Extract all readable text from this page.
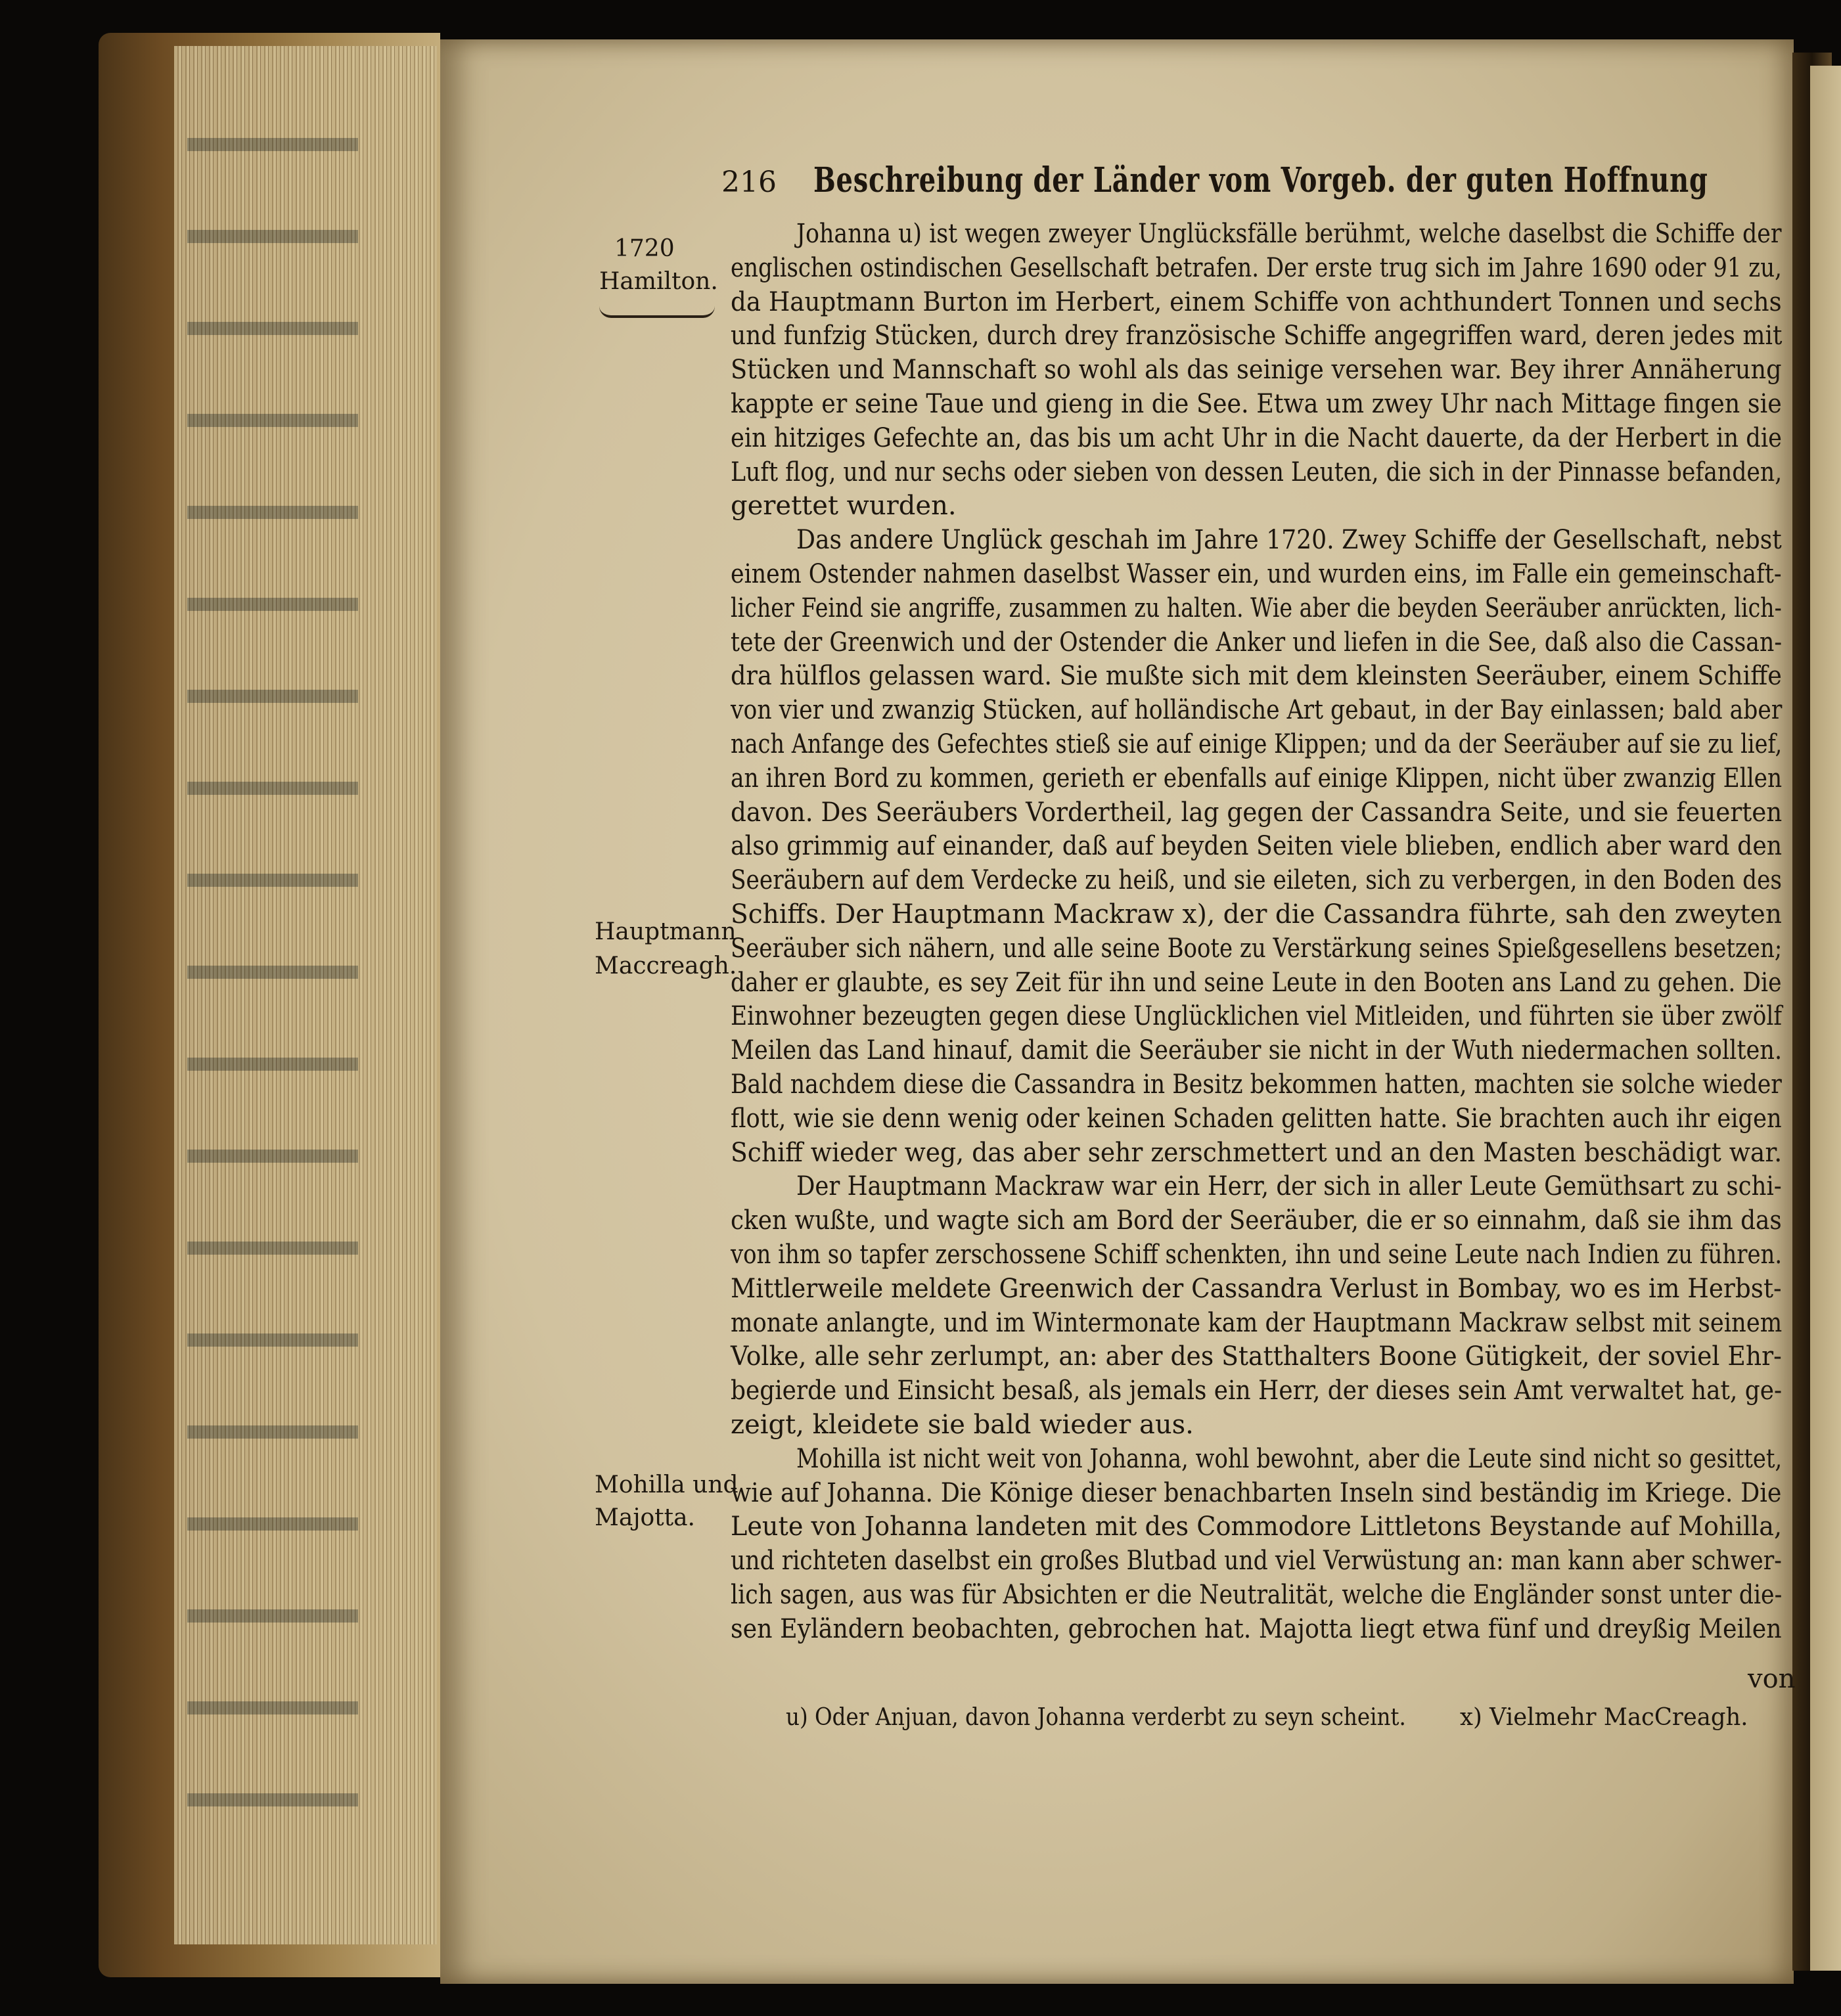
216 Beschreibung der Länder vom Vorgeb. der guten Hoffnung
1720
Hamilton.
Hauptmann
Maccreagh.
Mohilla und
Majotta.
Johanna u) ist wegen zweyer Unglücksfälle berühmt, welche daselbst die Schiffe der
englischen ostindischen Gesellschaft betrafen. Der erste trug sich im Jahre 1690 oder 91 zu,
da Hauptmann Burton im Herbert, einem Schiffe von achthundert Tonnen und sechs
und funfzig Stücken, durch drey französische Schiffe angegriffen ward, deren jedes mit
Stücken und Mannschaft so wohl als das seinige versehen war. Bey ihrer Annäherung
kappte er seine Taue und gieng in die See. Etwa um zwey Uhr nach Mittage fingen sie
ein hitziges Gefechte an, das bis um acht Uhr in die Nacht dauerte, da der Herbert in die
Luft flog, und nur sechs oder sieben von dessen Leuten, die sich in der Pinnasse befanden,
gerettet wurden.
Das andere Unglück geschah im Jahre 1720. Zwey Schiffe der Gesellschaft, nebst
einem Ostender nahmen daselbst Wasser ein, und wurden eins, im Falle ein gemeinschaft-
licher Feind sie angriffe, zusammen zu halten. Wie aber die beyden Seeräuber anrückten, lich-
tete der Greenwich und der Ostender die Anker und liefen in die See, daß also die Cassan-
dra hülflos gelassen ward. Sie mußte sich mit dem kleinsten Seeräuber, einem Schiffe
von vier und zwanzig Stücken, auf holländische Art gebaut, in der Bay einlassen; bald aber
nach Anfange des Gefechtes stieß sie auf einige Klippen; und da der Seeräuber auf sie zu lief,
an ihren Bord zu kommen, gerieth er ebenfalls auf einige Klippen, nicht über zwanzig Ellen
davon. Des Seeräubers Vordertheil, lag gegen der Cassandra Seite, und sie feuerten
also grimmig auf einander, daß auf beyden Seiten viele blieben, endlich aber ward den
Seeräubern auf dem Verdecke zu heiß, und sie eileten, sich zu verbergen, in den Boden des
Schiffs. Der Hauptmann Mackraw x), der die Cassandra führte, sah den zweyten
Seeräuber sich nähern, und alle seine Boote zu Verstärkung seines Spießgesellens besetzen;
daher er glaubte, es sey Zeit für ihn und seine Leute in den Booten ans Land zu gehen. Die
Einwohner bezeugten gegen diese Unglücklichen viel Mitleiden, und führten sie über zwölf
Meilen das Land hinauf, damit die Seeräuber sie nicht in der Wuth niedermachen sollten.
Bald nachdem diese die Cassandra in Besitz bekommen hatten, machten sie solche wieder
flott, wie sie denn wenig oder keinen Schaden gelitten hatte. Sie brachten auch ihr eigen
Schiff wieder weg, das aber sehr zerschmettert und an den Masten beschädigt war.
Der Hauptmann Mackraw war ein Herr, der sich in aller Leute Gemüthsart zu schi-
cken wußte, und wagte sich am Bord der Seeräuber, die er so einnahm, daß sie ihm das
von ihm so tapfer zerschossene Schiff schenkten, ihn und seine Leute nach Indien zu führen.
Mittlerweile meldete Greenwich der Cassandra Verlust in Bombay, wo es im Herbst-
monate anlangte, und im Wintermonate kam der Hauptmann Mackraw selbst mit seinem
Volke, alle sehr zerlumpt, an: aber des Statthalters Boone Gütigkeit, der soviel Ehr-
begierde und Einsicht besaß, als jemals ein Herr, der dieses sein Amt verwaltet hat, ge-
zeigt, kleidete sie bald wieder aus.
Mohilla ist nicht weit von Johanna, wohl bewohnt, aber die Leute sind nicht so gesittet,
wie auf Johanna. Die Könige dieser benachbarten Inseln sind beständig im Kriege. Die
Leute von Johanna landeten mit des Commodore Littletons Beystande auf Mohilla,
und richteten daselbst ein großes Blutbad und viel Verwüstung an: man kann aber schwer-
lich sagen, aus was für Absichten er die Neutralität, welche die Engländer sonst unter die-
sen Eyländern beobachten, gebrochen hat. Majotta liegt etwa fünf und dreyßig Meilen
von
u) Oder Anjuan, davon Johanna verderbt zu seyn scheint. x) Vielmehr MacCreagh.
